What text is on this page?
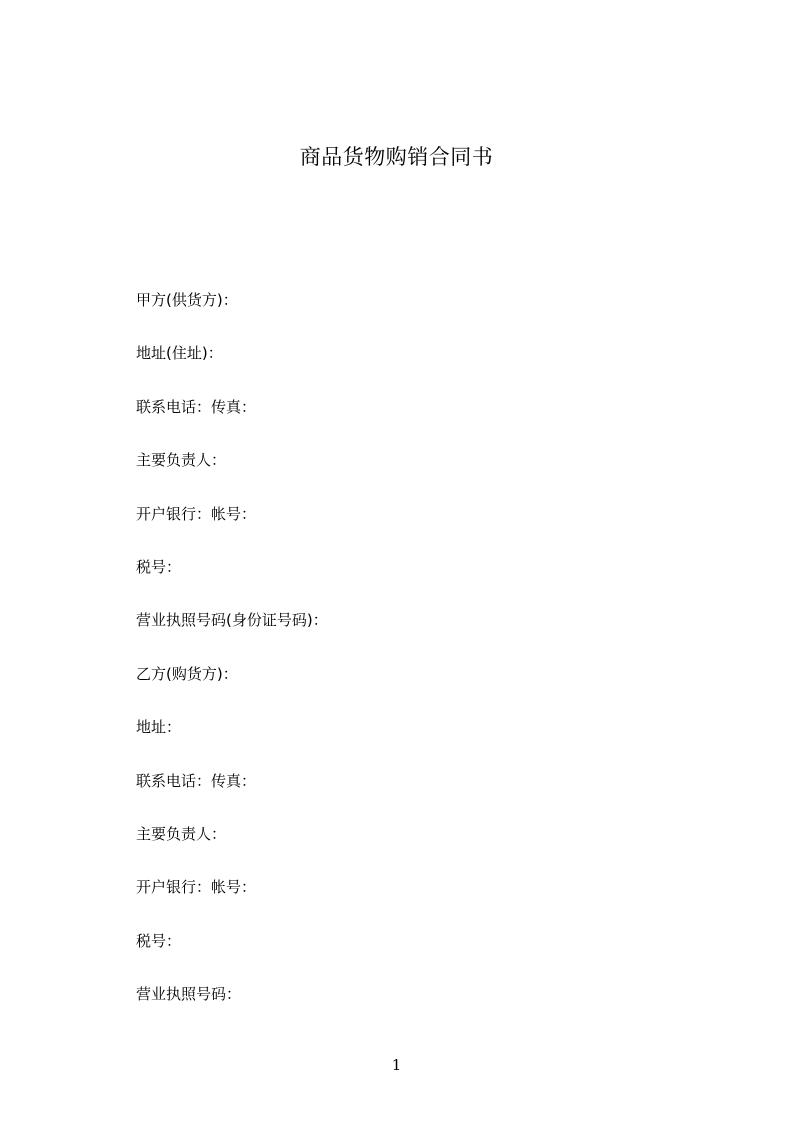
商品货物购销合同书
甲方(供货方)：
地址(住址)：
联系电话：传真：
主要负责人：
开户银行：帐号：
税号：
营业执照号码(身份证号码)：
乙方(购货方)：
地址：
联系电话：传真：
主要负责人：
开户银行：帐号：
税号：
营业执照号码：
1
